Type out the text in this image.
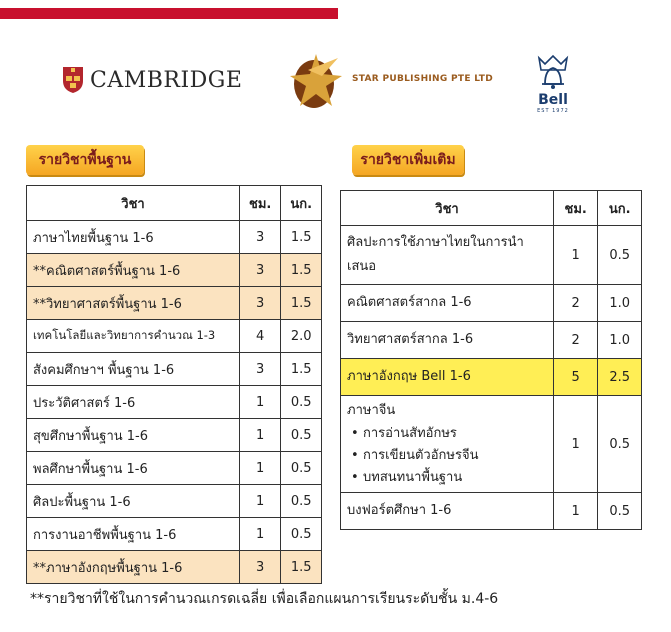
CAMBRIDGE	STAR PUBLISHING PTE LTD
Bell
EST 1972
รายวิชาพื้นฐาน	รายวิชาเพิ่มเติม
วิชา	ชม.	นก.
ภาษาไทยพื้นฐาน 1-6	3	1.5
**คณิตศาสตร์พื้นฐาน 1-6	3	1.5
**วิทยาศาสตร์พื้นฐาน 1-6	3	1.5
เทคโนโลยีและวิทยาการคำนวณ 1-3	4	2.0
สังคมศึกษาฯ พื้นฐาน 1-6	3	1.5
ประวัติศาสตร์ 1-6	1	0.5
สุขศึกษาพื้นฐาน 1-6	1	0.5
พลศึกษาพื้นฐาน 1-6	1	0.5
ศิลปะพื้นฐาน 1-6	1	0.5
การงานอาชีพพื้นฐาน 1-6	1	0.5
**ภาษาอังกฤษพื้นฐาน 1-6	3	1.5
วิชา	ชม.	นก.
ศิลปะการใช้ภาษาไทยในการนำเสนอ	1	0.5
คณิตศาสตร์สากล 1-6	2	1.0
วิทยาศาสตร์สากล 1-6	2	1.0
ภาษาอังกฤษ Bell 1-6	5	2.5
ภาษาจีน
• การอ่านสัทอักษร
• การเขียนตัวอักษรจีน
• บทสนทนาพื้นฐาน	1	0.5
บงฟอร์ตศึกษา 1-6	1	0.5
**รายวิชาที่ใช้ในการคำนวณเกรดเฉลี่ย เพื่อเลือกแผนการเรียนระดับชั้น ม.4-6
